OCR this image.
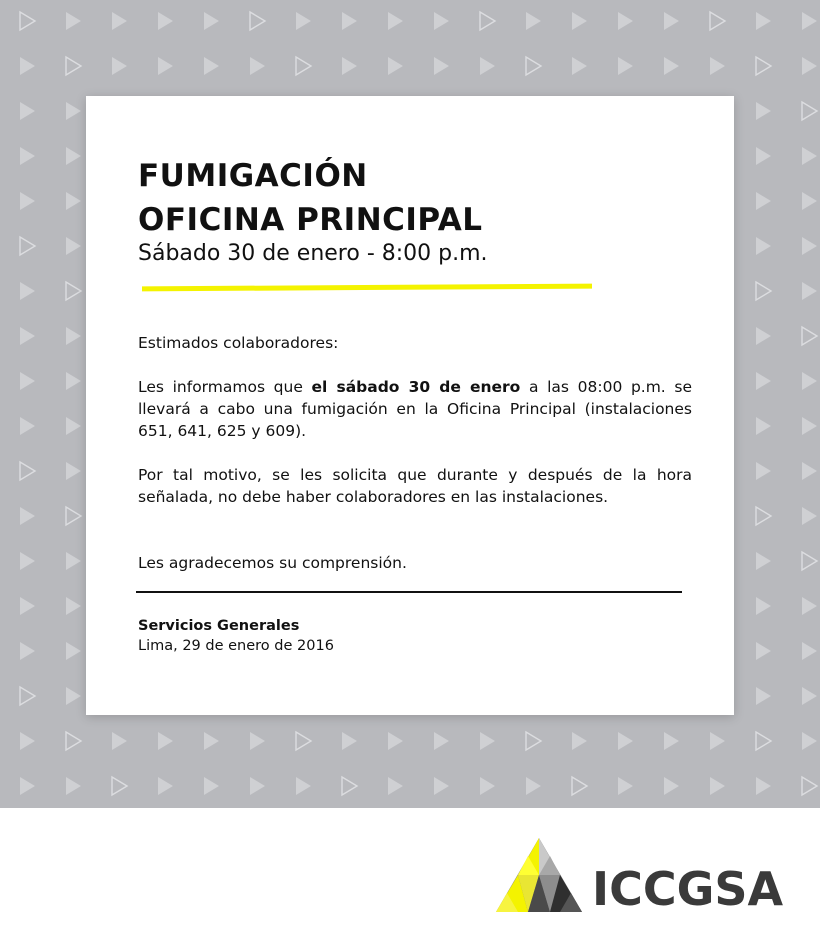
FUMIGACIÓN
OFICINA PRINCIPAL
Sábado 30 de enero - 8:00 p.m.
Estimados colaboradores:
Les informamos que el sábado 30 de enero a las 08:00 p.m. se llevará a cabo una fumigación en la Oficina Principal (instalaciones 651, 641, 625 y 609).
Por tal motivo, se les solicita que durante y después de la hora señalada, no debe haber colaboradores en las instalaciones.
Les agradecemos su comprensión.
Servicios Generales
Lima, 29 de enero de 2016
ICCGSA
